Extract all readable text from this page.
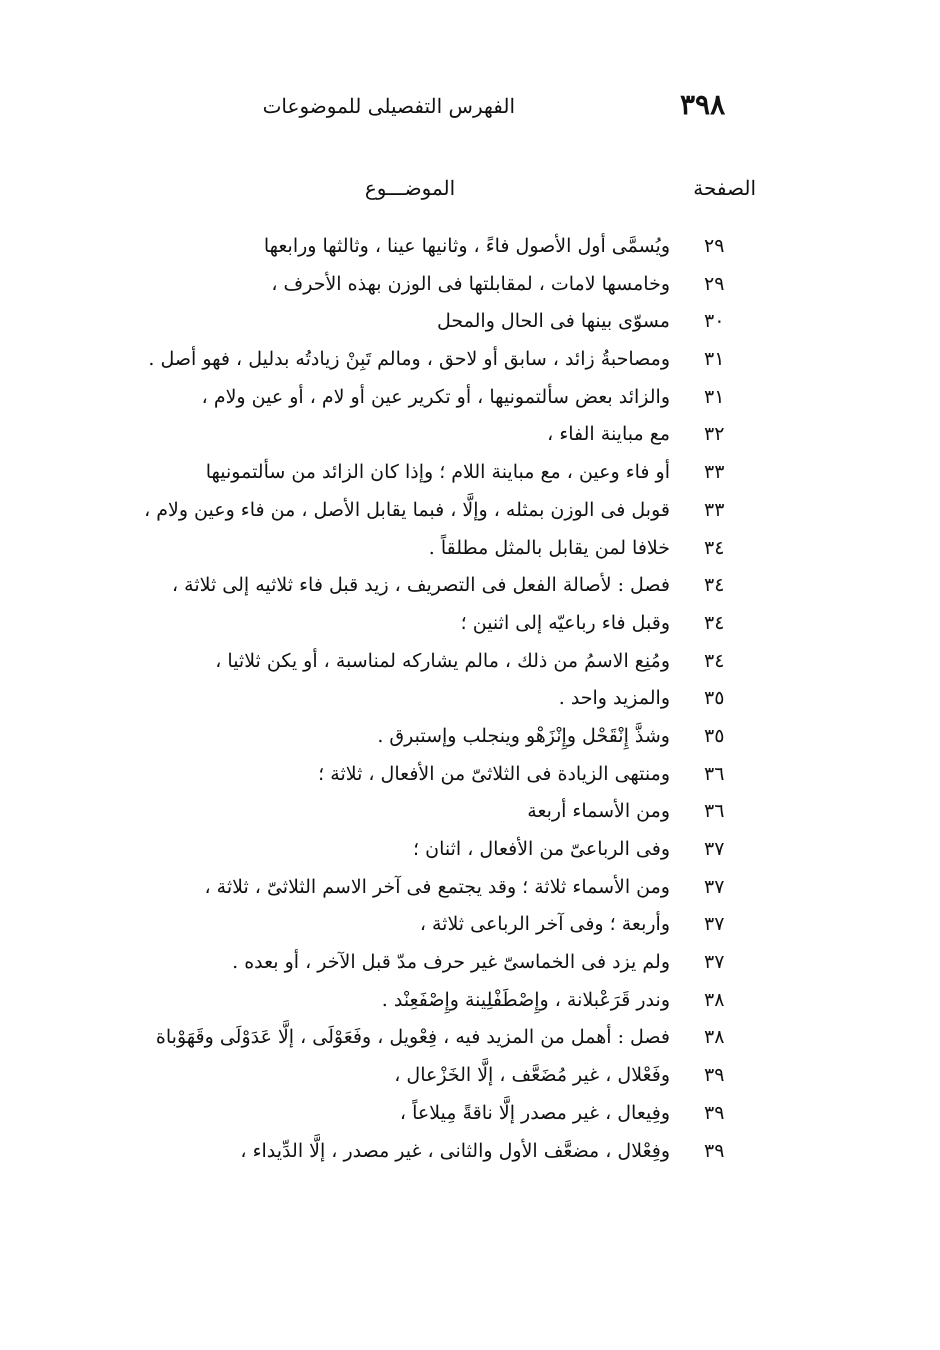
الفهرس التفصيلى للموضوعات	٣٩٨
الصفحة
الموضـــوع
٢٩
ويُسمَّى أول الأصول فاءً ، وثانيها عينا ، وثالثها ورابعها
٢٩
وخامسها لامات ، لمقابلتها فى الوزن بهذه الأحرف ،
٣٠
مسوّى بينها فى الحال والمحل
٣١
ومصاحبةُ زائد ، سابق أو لاحق ، ومالم تَبِنْ زيادتُه بدليل ، فهو أصل .
٣١
والزائد بعض سألتمونيها ، أو تكرير عين أو لام ، أو عين ولام ،
٣٢
مع مباينة الفاء ،
٣٣
أو فاء وعين ، مع مباينة اللام ؛ وإذا كان الزائد من سألتمونيها
٣٣
قوبل فى الوزن بمثله ، وإلَّا ، فبما يقابل الأصل ، من فاء وعين ولام ،
٣٤
خلافا لمن يقابل بالمثل مطلقاً .
٣٤
فصل : لأصالة الفعل فى التصريف ، زيد قبل فاء ثلاثيه إلى ثلاثة ،
٣٤
وقبل فاء رباعيّه إلى اثنين ؛
٣٤
ومُنِع الاسمُ من ذلك ، مالم يشاركه لمناسبة ، أو يكن ثلاثيا ،
٣٥
والمزيد واحد .
٣٥
وشذَّ إِنْقَحْل وإِنْزَهْو وينجلب وإستبرق .
٣٦
ومنتهى الزيادة فى الثلاثىّ من الأفعال ، ثلاثة ؛
٣٦
ومن الأسماء أربعة
٣٧
وفى الرباعىّ من الأفعال ، اثنان ؛
٣٧
ومن الأسماء ثلاثة ؛ وقد يجتمع فى آخر الاسم الثلاثىّ ، ثلاثة ،
٣٧
وأربعة ؛ وفى آخر الرباعى ثلاثة ،
٣٧
ولم يزد فى الخماسىّ غير حرف مدّ قبل الآخر ، أو بعده .
٣٨
وندر قَرَعْبلانة ، وإِصْطَفْلِينة وإِصْفَعِنْد .
٣٨
فصل : أهمل من المزيد فيه ، فِعْويل ، وفَعَوْلَى ، إلَّا عَدَوْلَى وقَهَوْباة
٣٩
وفَعْلال ، غير مُضَعَّف ، إلَّا الخَزْعال ،
٣٩
وفِيعال ، غير مصدر إلَّا ناقةً مِيلاعاً ،
٣٩
وفِعْلال ، مضعَّف الأول والثانى ، غير مصدر ، إلَّا الدِّيداء ،
